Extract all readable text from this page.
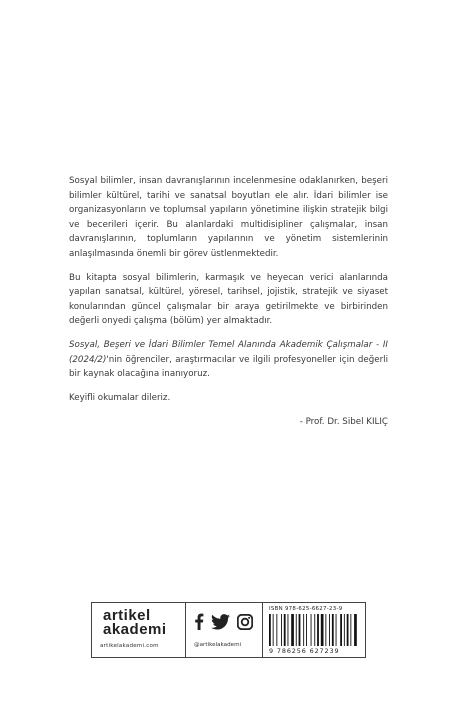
Sosyal bilimler, insan davranışlarının incelenmesine odaklanırken, beşeri bilimler kültürel, tarihi ve sanatsal boyutları ele alır. İdari bilimler ise organizasyonların ve toplumsal yapıların yönetimine ilişkin stratejik bilgi ve becerileri içerir. Bu alanlardaki multidisipliner çalışmalar, insan davranışlarının, toplumların yapılarının ve yönetim sistemlerinin anlaşılmasında önemli bir görev üstlenmektedir.

Bu kitapta sosyal bilimlerin, karmaşık ve heyecan verici alanlarında yapılan sanatsal, kültürel, yöresel, tarihsel, jojistik, stratejik ve siyaset konularından güncel çalışmalar bir araya getirilmekte ve birbirinden değerli onyedi çalışma (bölüm) yer almaktadır.

Sosyal, Beşeri ve İdari Bilimler Temel Alanında Akademik Çalışmalar - II (2024/2)'nin öğrenciler, araştırmacılar ve ilgili profesyoneller için değerli bir kaynak olacağına inanıyoruz.

Keyifli okumalar dileriz.

- Prof. Dr. Sibel KILIÇ

artikel
akademi
artikelakademi.com	@artikelakademi
ISBN 978-625-6627-23-9
9 786256 627239
